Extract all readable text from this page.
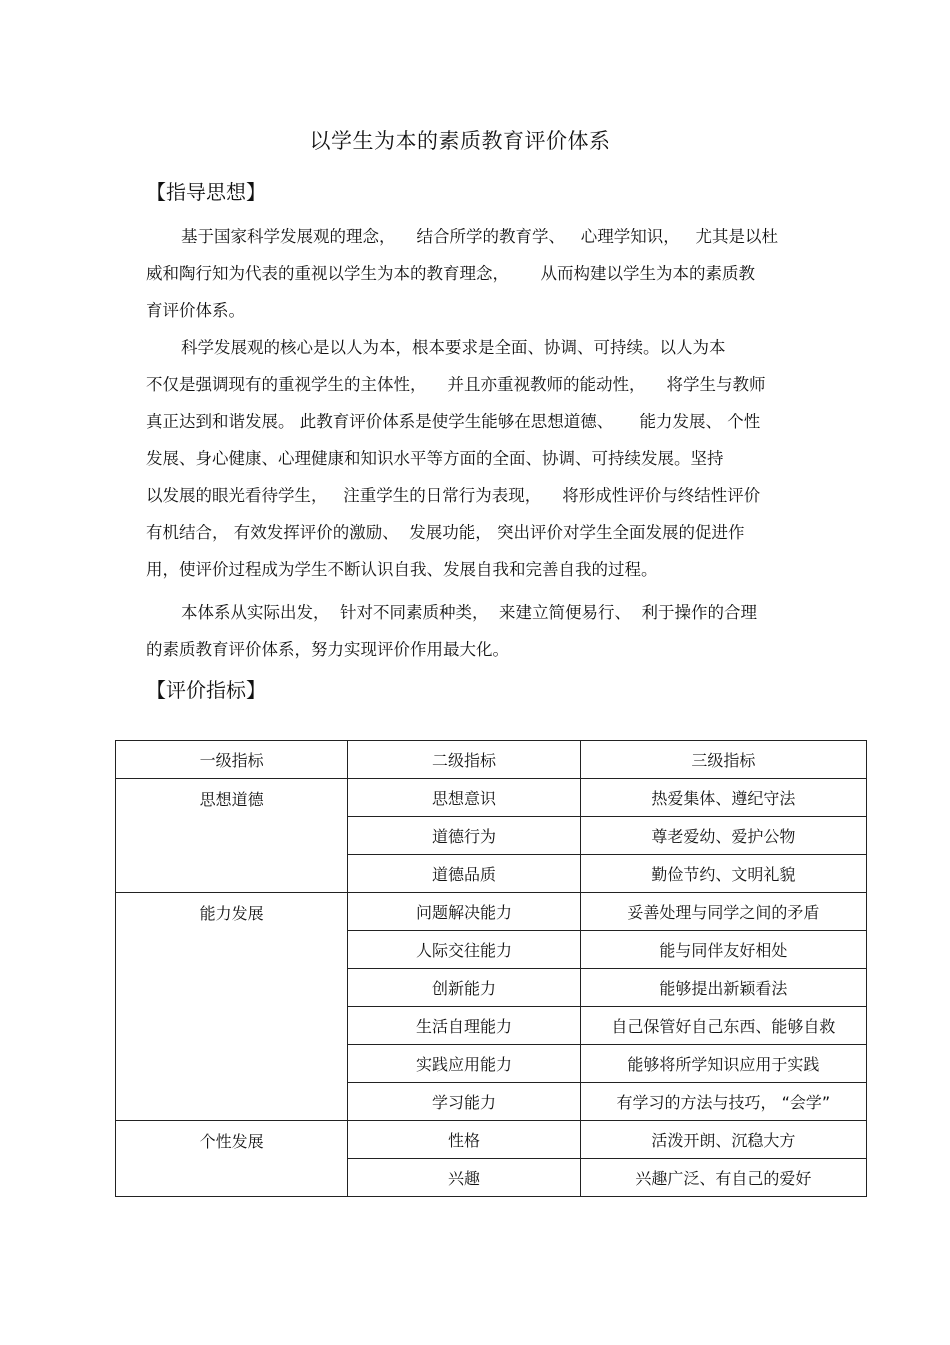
以学生为本的素质教育评价体系
【指导思想】
基于国家科学发展观的理念，    结合所学的教育学、   心理学知识，   尤其是以杜
威和陶行知为代表的重视以学生为本的教育理念，      从而构建以学生为本的素质教
育评价体系。
科学发展观的核心是以人为本，根本要求是全面、协调、可持续。以人为本
不仅是强调现有的重视学生的主体性，    并且亦重视教师的能动性，    将学生与教师
真正达到和谐发展。 此教育评价体系是使学生能够在思想道德、     能力发展、 个性
发展、身心健康、心理健康和知识水平等方面的全面、协调、可持续发展。坚持
以发展的眼光看待学生，   注重学生的日常行为表现，    将形成性评价与终结性评价
有机结合， 有效发挥评价的激励、  发展功能， 突出评价对学生全面发展的促进作
用，使评价过程成为学生不断认识自我、发展自我和完善自我的过程。
本体系从实际出发，  针对不同素质种类，  来建立简便易行、  利于操作的合理
的素质教育评价体系，努力实现评价作用最大化。
【评价指标】
一级指标	二级指标	三级指标
思想道德	思想意识	热爱集体、遵纪守法
	道德行为	尊老爱幼、爱护公物
	道德品质	勤俭节约、文明礼貌
能力发展	问题解决能力	妥善处理与同学之间的矛盾
	人际交往能力	能与同伴友好相处
	创新能力	能够提出新颖看法
	生活自理能力	自己保管好自己东西、能够自救
	实践应用能力	能够将所学知识应用于实践
	学习能力	有学习的方法与技巧， “会学”
个性发展	性格	活泼开朗、沉稳大方
	兴趣	兴趣广泛、有自己的爱好
